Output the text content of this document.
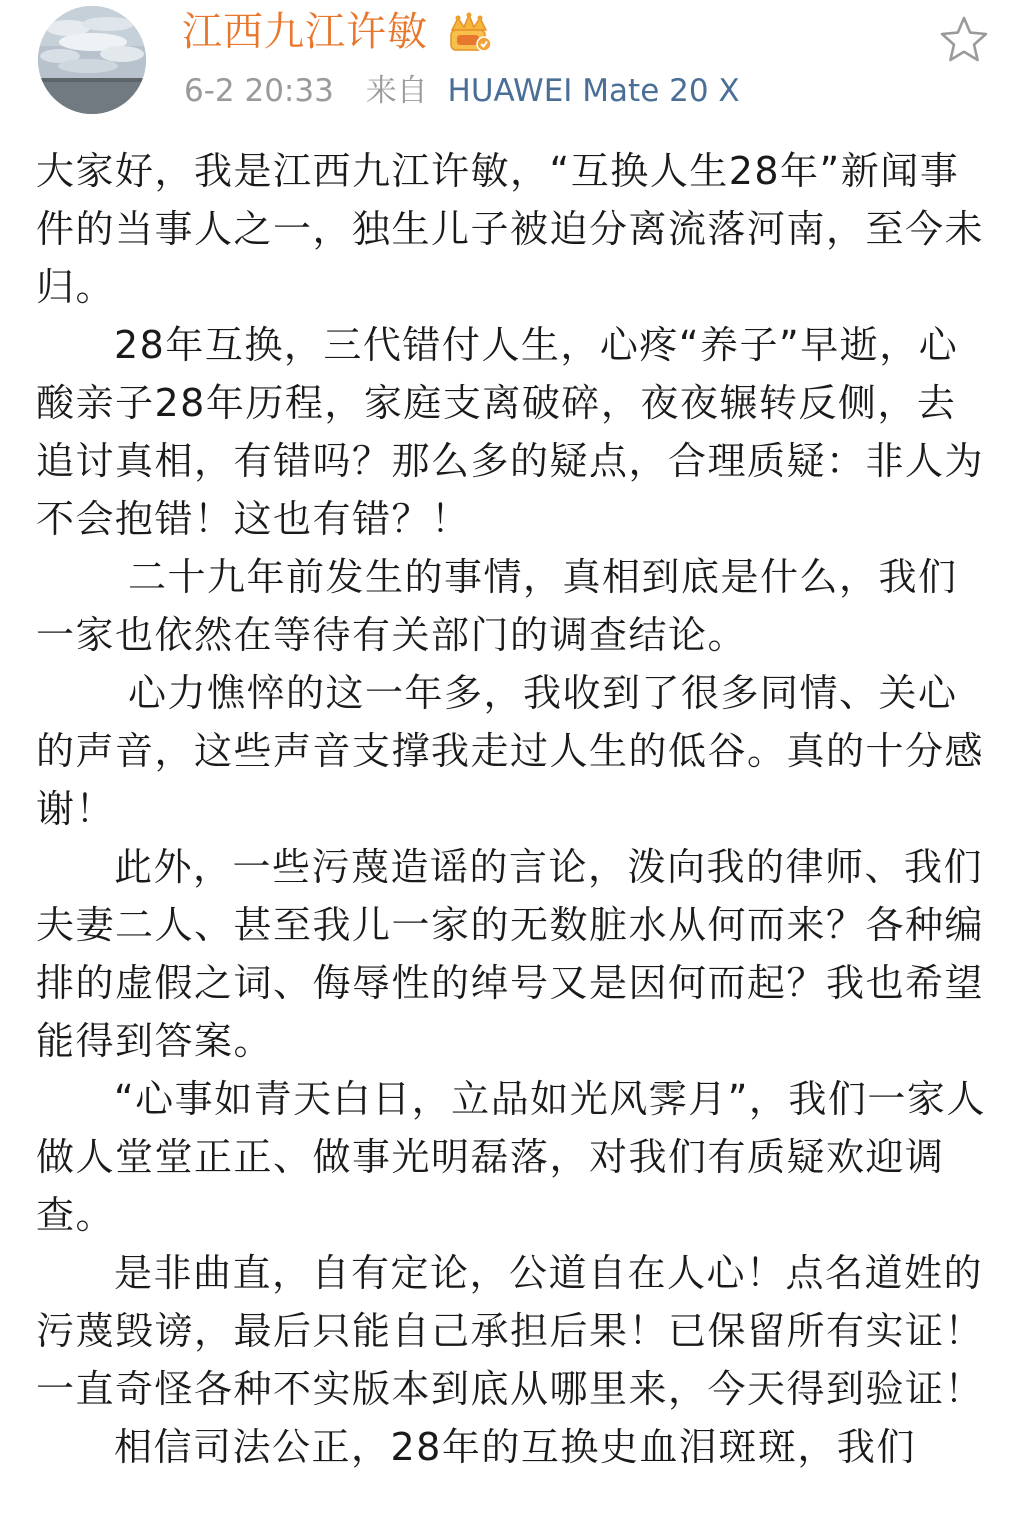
江西九江许敏
6-2 20:33 来自 HUAWEI Mate 20 X

大家好，我是江西九江许敏，“互换人生28年”新闻事件的当事人之一，独生儿子被迫分离流落河南，至今未归。

28年互换，三代错付人生，心疼“养子”早逝，心酸亲子28年历程，家庭支离破碎，夜夜辗转反侧，去追讨真相，有错吗？那么多的疑点，合理质疑：非人为不会抱错！这也有错？！

二十九年前发生的事情，真相到底是什么，我们一家也依然在等待有关部门的调查结论。

心力憔悴的这一年多，我收到了很多同情、关心的声音，这些声音支撑我走过人生的低谷。真的十分感谢！

此外，一些污蔑造谣的言论，泼向我的律师、我们夫妻二人、甚至我儿一家的无数脏水从何而来？各种编排的虚假之词、侮辱性的绰号又是因何而起？我也希望能得到答案。

“心事如青天白日，立品如光风霁月”，我们一家人做人堂堂正正、做事光明磊落，对我们有质疑欢迎调查。

是非曲直，自有定论，公道自在人心！点名道姓的污蔑毁谤，最后只能自己承担后果！已保留所有实证！一直奇怪各种不实版本到底从哪里来，今天得到验证！

相信司法公正，28年的互换史血泪斑斑，我们
